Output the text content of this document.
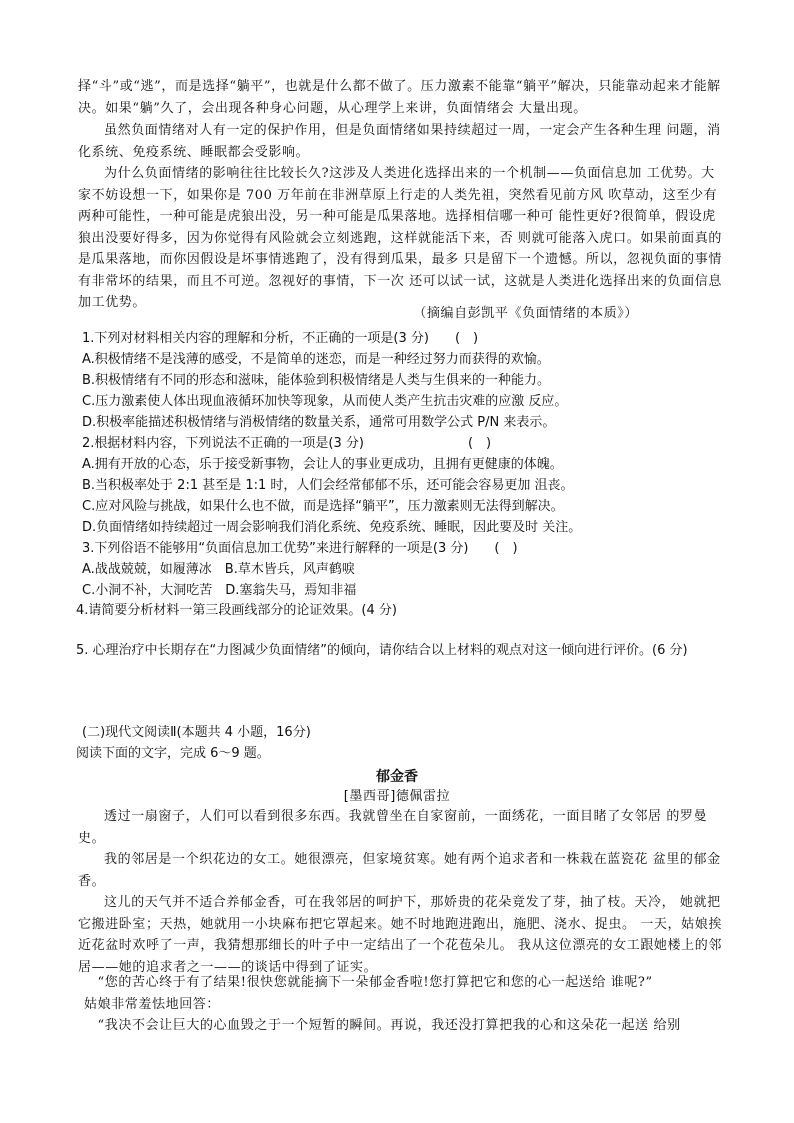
择“斗”或“逃”，而是选择“躺平”，也就是什么都不做了。压力激素不能靠“躺平”解决，只能靠动起来才能解决。如果“躺”久了，会出现各种身心问题，从心理学上来讲，负面情绪会 大量出现。

虽然负面情绪对人有一定的保护作用，但是负面情绪如果持续超过一周，一定会产生各种生理 问题，消化系统、免疫系统、睡眠都会受影响。

为什么负面情绪的影响往往比较长久?这涉及人类进化选择出来的一个机制——负面信息加 工优势。大家不妨设想一下，如果你是 700 万年前在非洲草原上行走的人类先祖，突然看见前方风 吹草动，这至少有两种可能性，一种可能是虎狼出没，另一种可能是瓜果落地。选择相信哪一种可 能性更好?很简单，假设虎狼出没要好得多，因为你觉得有风险就会立刻逃跑，这样就能活下来，否 则就可能落入虎口。如果前面真的是瓜果落地，而你因假设是坏事情逃跑了，没有得到瓜果，最多 只是留下一个遗憾。所以，忽视负面的事情有非常坏的结果，而且不可逆。忽视好的事情，下一次 还可以试一试，这就是人类进化选择出来的负面信息加工优势。

（摘编自彭凯平《负面情绪的本质》）

1.下列对材料相关内容的理解和分析，不正确的一项是(3 分)　　(　)

A.积极情绪不是浅薄的感受，不是简单的迷恋，而是一种经过努力而获得的欢愉。

B.积极情绪有不同的形态和滋味，能体验到积极情绪是人类与生俱来的一种能力。

C.压力激素使人体出现血液循环加快等现象，从而使人类产生抗击灾难的应激 反应。

D.积极率能描述积极情绪与消极情绪的数量关系，通常可用数学公式 P/N 来表示。

2.根据材料内容，下列说法不正确的一项是(3 分)　　　　　　　　(　)

A.拥有开放的心态，乐于接受新事物，会让人的事业更成功，且拥有更健康的体魄。

B.当积极率处于 2:1 甚至是 1:1 时，人们会经常郁郁不乐，还可能会容易更加 沮丧。

C.应对风险与挑战，如果什么也不做，而是选择“躺平”，压力激素则无法得到解决。

D.负面情绪如持续超过一周会影响我们消化系统、免疫系统、睡眠，因此要及时 关注。

3.下列俗语不能够用“负面信息加工优势”来进行解释的一项是(3 分)　　(　)

A.战战兢兢，如履薄冰　B.草木皆兵，风声鹤唳

C.小洞不补，大洞吃苦　D.塞翁失马，焉知非福

4.请简要分析材料一第三段画线部分的论证效果。(4 分)

5. 心理治疗中长期存在“力图减少负面情绪”的倾向，请你结合以上材料的观点对这一倾向进行评价。(6 分)

(二)现代文阅读Ⅱ(本题共 4 小题，16分)

阅读下面的文字，完成 6～9 题。

郁金香
[墨西哥]德佩雷拉

透过一扇窗子，人们可以看到很多东西。我就曾坐在自家窗前，一面绣花，一面目睹了女邻居 的罗曼史。

我的邻居是一个织花边的女工。她很漂亮，但家境贫寒。她有两个追求者和一株栽在蓝瓷花 盆里的郁金香。

这儿的天气并不适合养郁金香，可在我邻居的呵护下，那娇贵的花朵竟发了芽，抽了枝。天冷， 她就把它搬进卧室；天热，她就用一小块麻布把它罩起来。她不时地跑进跑出，施肥、浇水、捉虫。 一天，姑娘挨近花盆时欢呼了一声，我猜想那细长的叶子中一定结出了一个花苞朵儿。 我从这位漂亮的女工跟她楼上的邻居——她的追求者之一——的谈话中得到了证实。

“您的苦心终于有了结果!很快您就能摘下一朵郁金香啦!您打算把它和您的心一起送给 谁呢?”

姑娘非常羞怯地回答：

“我决不会让巨大的心血毁之于一个短暂的瞬间。再说，我还没打算把我的心和这朵花一起送 给别
